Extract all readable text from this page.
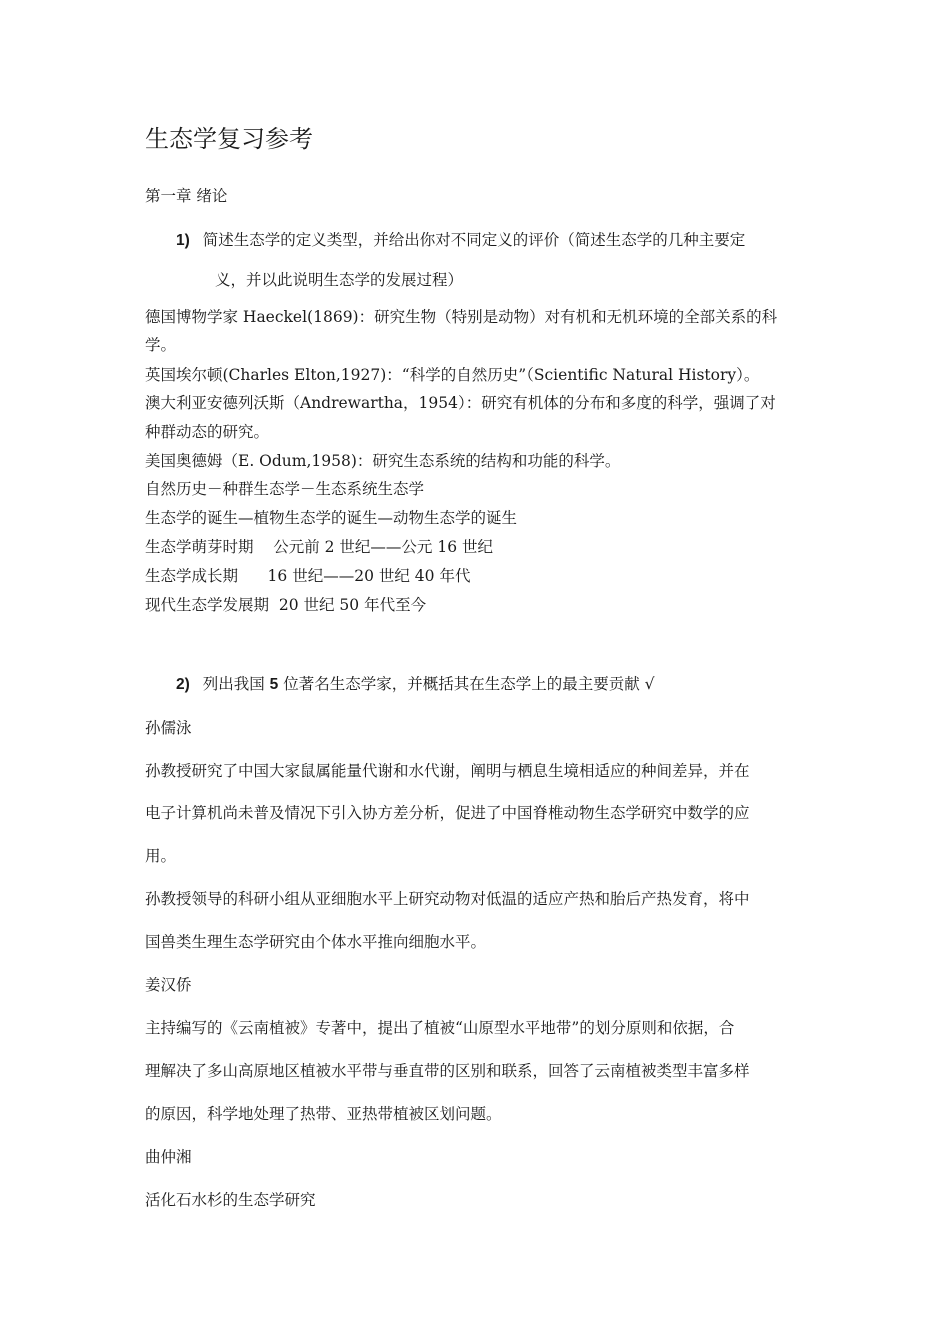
生态学复习参考
第一章 绪论
1) 简述生态学的定义类型，并给出你对不同定义的评价（简述生态学的几种主要定
义，并以此说明生态学的发展过程）
德国博物学家 Haeckel(1869)：研究生物（特别是动物）对有机和无机环境的全部关系的科
学。
英国埃尔顿(Charles Elton,1927)：“科学的自然历史”（Scientific Natural History）。
澳大利亚安德列沃斯（Andrewartha，1954）：研究有机体的分布和多度的科学，强调了对
种群动态的研究。
美国奥德姆（E. Odum,1958)：研究生态系统的结构和功能的科学。
自然历史－种群生态学－生态系统生态学
生态学的诞生—植物生态学的诞生—动物生态学的诞生
生态学萌芽时期    公元前 2 世纪——公元 16 世纪
生态学成长期      16 世纪——20 世纪 40 年代
现代生态学发展期  20 世纪 50 年代至今
2) 列出我国 5 位著名生态学家，并概括其在生态学上的最主要贡献 √
孙儒泳
孙教授研究了中国大家鼠属能量代谢和水代谢，阐明与栖息生境相适应的种间差异，并在
电子计算机尚未普及情况下引入协方差分析，促进了中国脊椎动物生态学研究中数学的应
用。
孙教授领导的科研小组从亚细胞水平上研究动物对低温的适应产热和胎后产热发育，将中
国兽类生理生态学研究由个体水平推向细胞水平。
姜汉侨
主持编写的《云南植被》专著中，提出了植被“山原型水平地带”的划分原则和依据，合
理解决了多山高原地区植被水平带与垂直带的区别和联系，回答了云南植被类型丰富多样
的原因，科学地处理了热带、亚热带植被区划问题。
曲仲湘
活化石水杉的生态学研究
